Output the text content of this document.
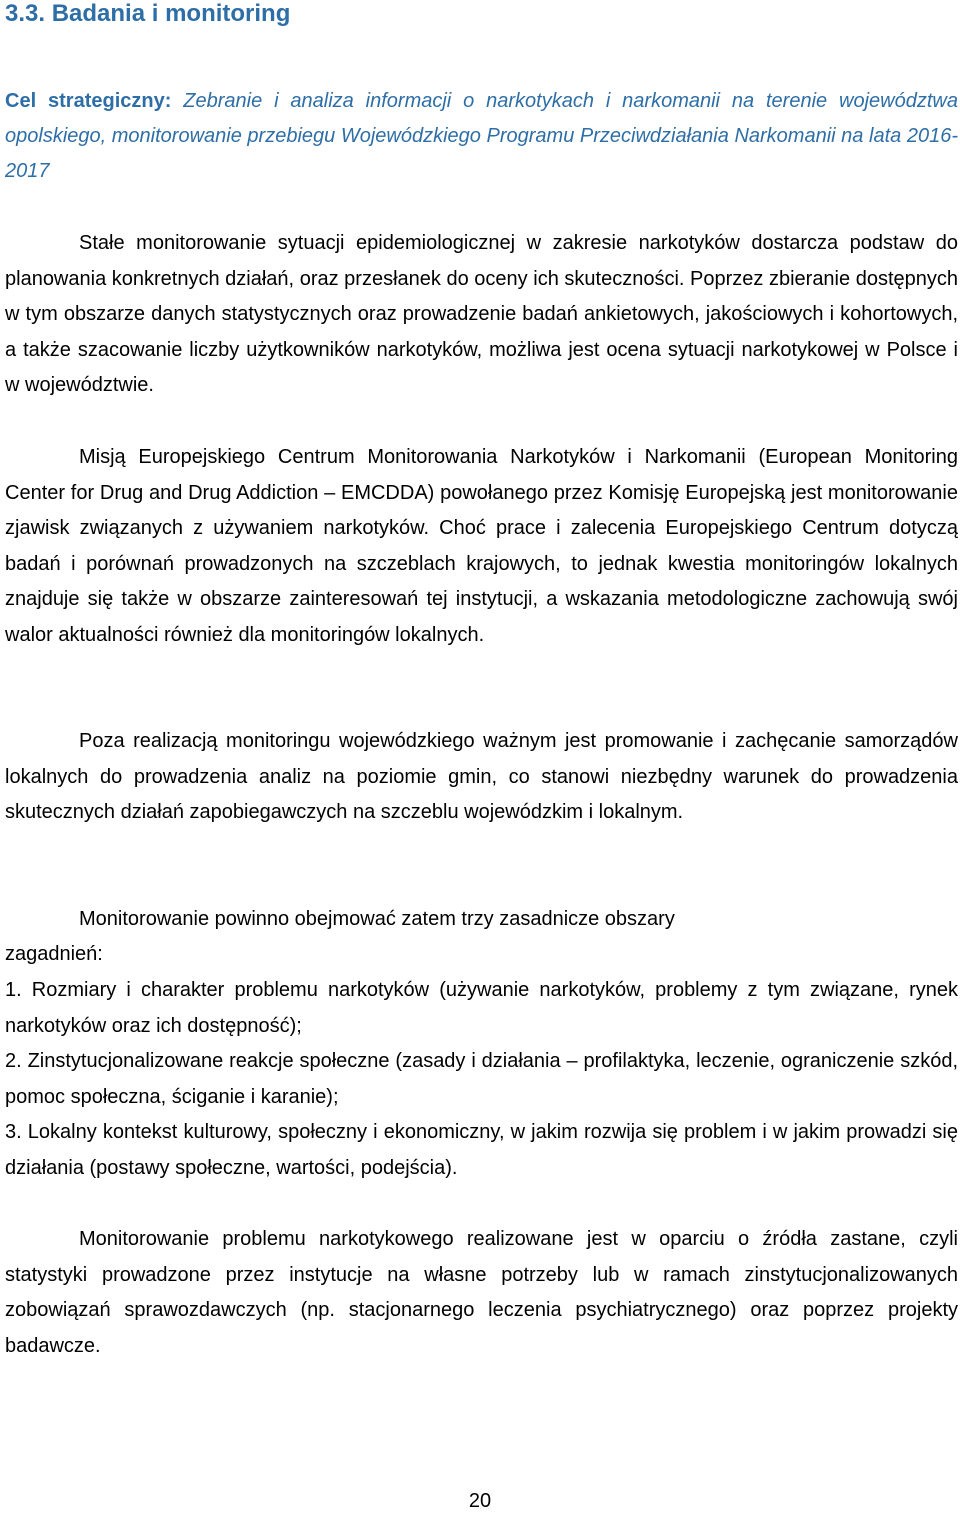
3.3. Badania i monitoring

Cel strategiczny: Zebranie i analiza informacji o narkotykach i narkomanii na terenie województwa opolskiego, monitorowanie przebiegu Wojewódzkiego Programu Przeciwdziałania Narkomanii na lata 2016-2017

Stałe monitorowanie sytuacji epidemiologicznej w zakresie narkotyków dostarcza podstaw do planowania konkretnych działań, oraz przesłanek do oceny ich skuteczności. Poprzez zbieranie dostępnych w tym obszarze danych statystycznych oraz prowadzenie badań ankietowych, jakościowych i kohortowych, a także szacowanie liczby użytkowników narkotyków, możliwa jest ocena sytuacji narkotykowej w Polsce i w województwie.

Misją Europejskiego Centrum Monitorowania Narkotyków i Narkomanii (European Monitoring Center for Drug and Drug Addiction – EMCDDA) powołanego przez Komisję Europejską jest monitorowanie zjawisk związanych z używaniem narkotyków. Choć prace i zalecenia Europejskiego Centrum dotyczą badań i porównań prowadzonych na szczeblach krajowych, to jednak kwestia monitoringów lokalnych znajduje się także w obszarze zainteresowań tej instytucji, a wskazania metodologiczne zachowują swój walor aktualności również dla monitoringów lokalnych.

Poza realizacją monitoringu wojewódzkiego ważnym jest promowanie i zachęcanie samorządów lokalnych do prowadzenia analiz na poziomie gmin, co stanowi niezbędny warunek do prowadzenia skutecznych działań zapobiegawczych na szczeblu wojewódzkim i lokalnym.

Monitorowanie powinno obejmować zatem trzy zasadnicze obszary

zagadnień:

1. Rozmiary i charakter problemu narkotyków (używanie narkotyków, problemy z tym związane, rynek narkotyków oraz ich dostępność);

2. Zinstytucjonalizowane reakcje społeczne (zasady i działania – profilaktyka, leczenie, ograniczenie szkód, pomoc społeczna, ściganie i karanie);

3. Lokalny kontekst kulturowy, społeczny i ekonomiczny, w jakim rozwija się problem i w jakim prowadzi się działania (postawy społeczne, wartości, podejścia).

Monitorowanie problemu narkotykowego realizowane jest w oparciu o źródła zastane, czyli statystyki prowadzone przez instytucje na własne potrzeby lub w ramach zinstytucjonalizowanych zobowiązań sprawozdawczych (np. stacjonarnego leczenia psychiatrycznego) oraz poprzez projekty badawcze.

20
